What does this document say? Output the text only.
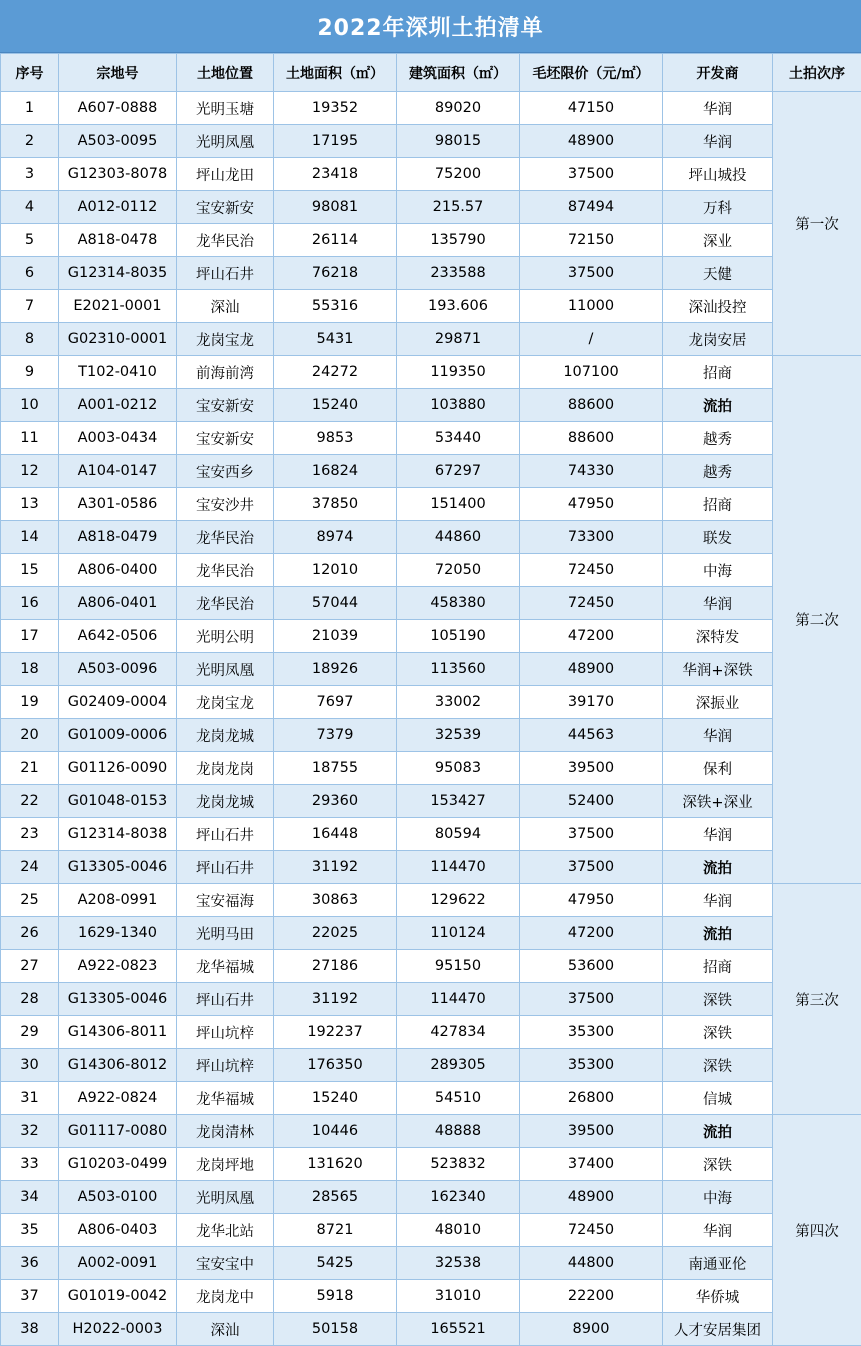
2022年深圳土拍清单
序号	宗地号	土地位置	土地面积（㎡）	建筑面积（㎡）	毛坯限价（元/㎡）	开发商	土拍次序
1	A607-0888	光明玉塘	19352	89020	47150	华润	第一次
2	A503-0095	光明凤凰	17195	98015	48900	华润	
3	G12303-8078	坪山龙田	23418	75200	37500	坪山城投	
4	A012-0112	宝安新安	98081	215.57	87494	万科	
5	A818-0478	龙华民治	26114	135790	72150	深业	
6	G12314-8035	坪山石井	76218	233588	37500	天健	
7	E2021-0001	深汕	55316	193.606	11000	深汕投控	
8	G02310-0001	龙岗宝龙	5431	29871	/	龙岗安居	
9	T102-0410	前海前湾	24272	119350	107100	招商	第二次
10	A001-0212	宝安新安	15240	103880	88600	流拍	
11	A003-0434	宝安新安	9853	53440	88600	越秀	
12	A104-0147	宝安西乡	16824	67297	74330	越秀	
13	A301-0586	宝安沙井	37850	151400	47950	招商	
14	A818-0479	龙华民治	8974	44860	73300	联发	
15	A806-0400	龙华民治	12010	72050	72450	中海	
16	A806-0401	龙华民治	57044	458380	72450	华润	
17	A642-0506	光明公明	21039	105190	47200	深特发	
18	A503-0096	光明凤凰	18926	113560	48900	华润+深铁	
19	G02409-0004	龙岗宝龙	7697	33002	39170	深振业	
20	G01009-0006	龙岗龙城	7379	32539	44563	华润	
21	G01126-0090	龙岗龙岗	18755	95083	39500	保利	
22	G01048-0153	龙岗龙城	29360	153427	52400	深铁+深业	
23	G12314-8038	坪山石井	16448	80594	37500	华润	
24	G13305-0046	坪山石井	31192	114470	37500	流拍	
25	A208-0991	宝安福海	30863	129622	47950	华润	第三次
26	1629-1340	光明马田	22025	110124	47200	流拍	
27	A922-0823	龙华福城	27186	95150	53600	招商	
28	G13305-0046	坪山石井	31192	114470	37500	深铁	
29	G14306-8011	坪山坑梓	192237	427834	35300	深铁	
30	G14306-8012	坪山坑梓	176350	289305	35300	深铁	
31	A922-0824	龙华福城	15240	54510	26800	信城	
32	G01117-0080	龙岗清林	10446	48888	39500	流拍	第四次
33	G10203-0499	龙岗坪地	131620	523832	37400	深铁	
34	A503-0100	光明凤凰	28565	162340	48900	中海	
35	A806-0403	龙华北站	8721	48010	72450	华润	
36	A002-0091	宝安宝中	5425	32538	44800	南通亚伦	
37	G01019-0042	龙岗龙中	5918	31010	22200	华侨城	
38	H2022-0003	深汕	50158	165521	8900	人才安居集团	
